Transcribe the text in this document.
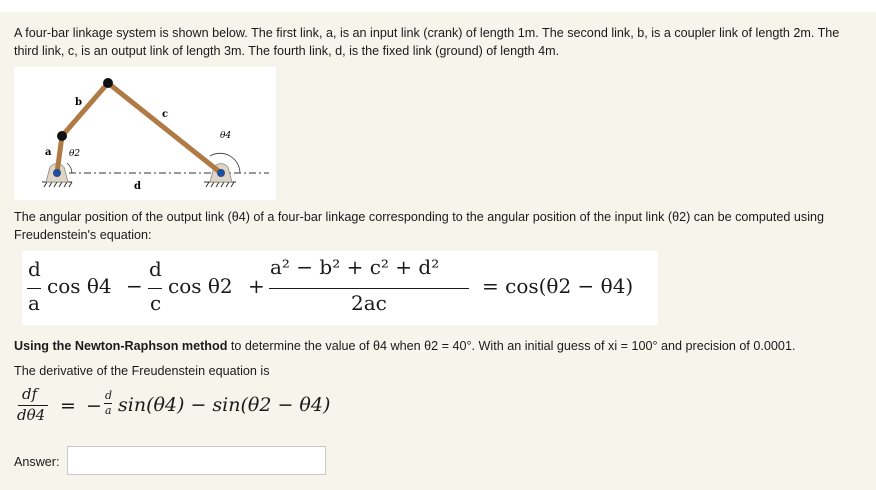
A four-bar linkage system is shown below. The first link, a, is an input link (crank) of length 1m. The second link, b, is a coupler link of length 2m. The third link, c, is an output link of length 3m. The fourth link, d, is the fixed link (ground) of length 4m.
a
b
c
d
θ2
θ4
The angular position of the output link (θ4) of a four-bar linkage corresponding to the angular position of the input link (θ2) can be computed using Freudenstein's equation:
d
a
cos θ4 −
d
c
cos θ2 +
a² − b² + c² + d²
2ac
= cos(θ2 − θ4)
Using the Newton-Raphson method to determine the value of θ4 when θ2 = 40°. With an initial guess of xi = 100° and precision of 0.0001.
The derivative of the Freudenstein equation is
df
dθ4 = − d
a sin(θ4) − sin(θ2 − θ4)
Answer:
